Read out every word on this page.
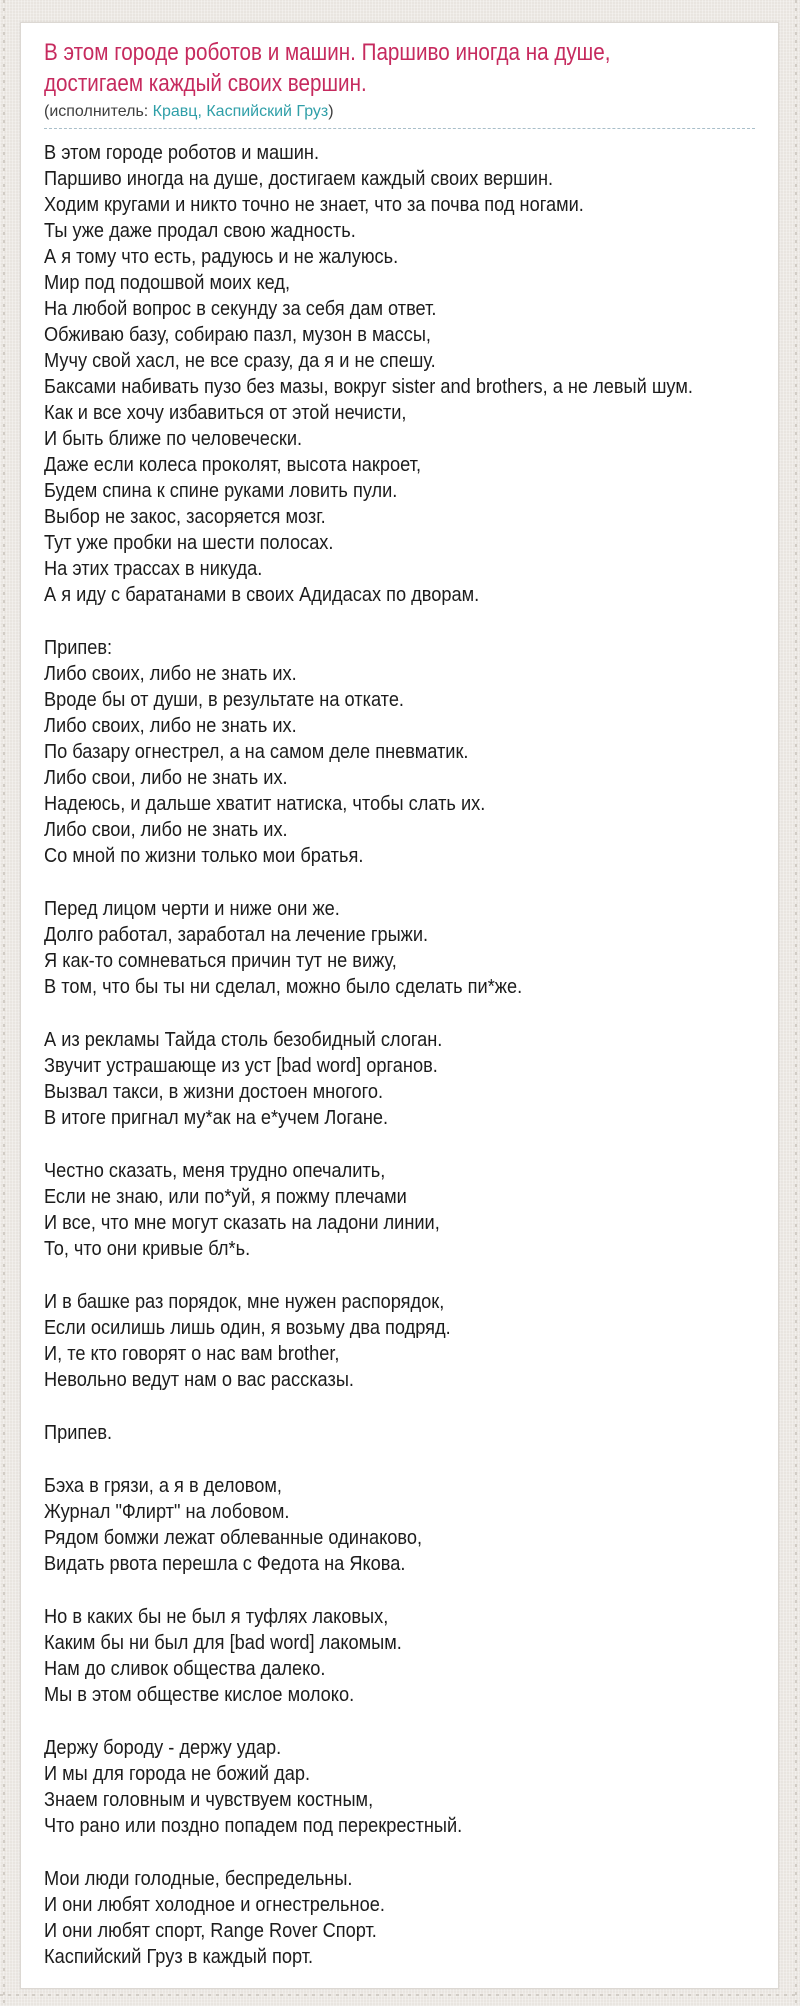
В этом городе роботов и машин. Паршиво иногда на душе,
достигаем каждый своих вершин.
(исполнитель: Кравц, Каспийский Груз)
В этом городе роботов и машин.
Паршиво иногда на душе, достигаем каждый своих вершин.
Ходим кругами и никто точно не знает, что за почва под ногами.
Ты уже даже продал свою жадность.
А я тому что есть, радуюсь и не жалуюсь.
Мир под подошвой моих кед,
На любой вопрос в секунду за себя дам ответ.
Обживаю базу, собираю пазл, музон в массы,
Мучу свой хасл, не все сразу, да я и не спешу.
Баксами набивать пузо без мазы, вокруг sister and brothers, а не левый шум.
Как и все хочу избавиться от этой нечисти,
И быть ближе по человечески.
Даже если колеса проколят, высота накроет,
Будем спина к спине руками ловить пули.
Выбор не закос, засоряется мозг.
Тут уже пробки на шести полосах.
На этих трассах в никуда.
А я иду с баратанами в своих Адидасах по дворам.
Припев:
Либо своих, либо не знать их.
Вроде бы от души, в результате на откате.
Либо своих, либо не знать их.
По базару огнестрел, а на самом деле пневматик.
Либо свои, либо не знать их.
Надеюсь, и дальше хватит натиска, чтобы слать их.
Либо свои, либо не знать их.
Со мной по жизни только мои братья.
Перед лицом черти и ниже они же.
Долго работал, заработал на лечение грыжи.
Я как-то сомневаться причин тут не вижу,
В том, что бы ты ни сделал, можно было сделать пи*же.
А из рекламы Тайда столь безобидный слоган.
Звучит устрашающе из уст [bad word] органов.
Вызвал такси, в жизни достоен многого.
В итоге пригнал му*ак на е*учем Логане.
Честно сказать, меня трудно опечалить,
Если не знаю, или по*уй, я пожму плечами
И все, что мне могут сказать на ладони линии,
То, что они кривые бл*ь.
И в башке раз порядок, мне нужен распорядок,
Если осилишь лишь один, я возьму два подряд.
И, те кто говорят о нас вам brother,
Невольно ведут нам о вас рассказы.
Припев.
Бэха в грязи, а я в деловом,
Журнал "Флирт" на лобовом.
Рядом бомжи лежат облеванные одинаково,
Видать рвота перешла с Федота на Якова.
Но в каких бы не был я туфлях лаковых,
Каким бы ни был для [bad word] лакомым.
Нам до сливок общества далеко.
Мы в этом обществе кислое молоко.
Держу бороду - держу удар.
И мы для города не божий дар.
Знаем головным и чувствуем костным,
Что рано или поздно попадем под перекрестный.
Мои люди голодные, беспредельны.
И они любят холодное и огнестрельное.
И они любят спорт, Range Rover Спорт.
Каспийский Груз в каждый порт.
